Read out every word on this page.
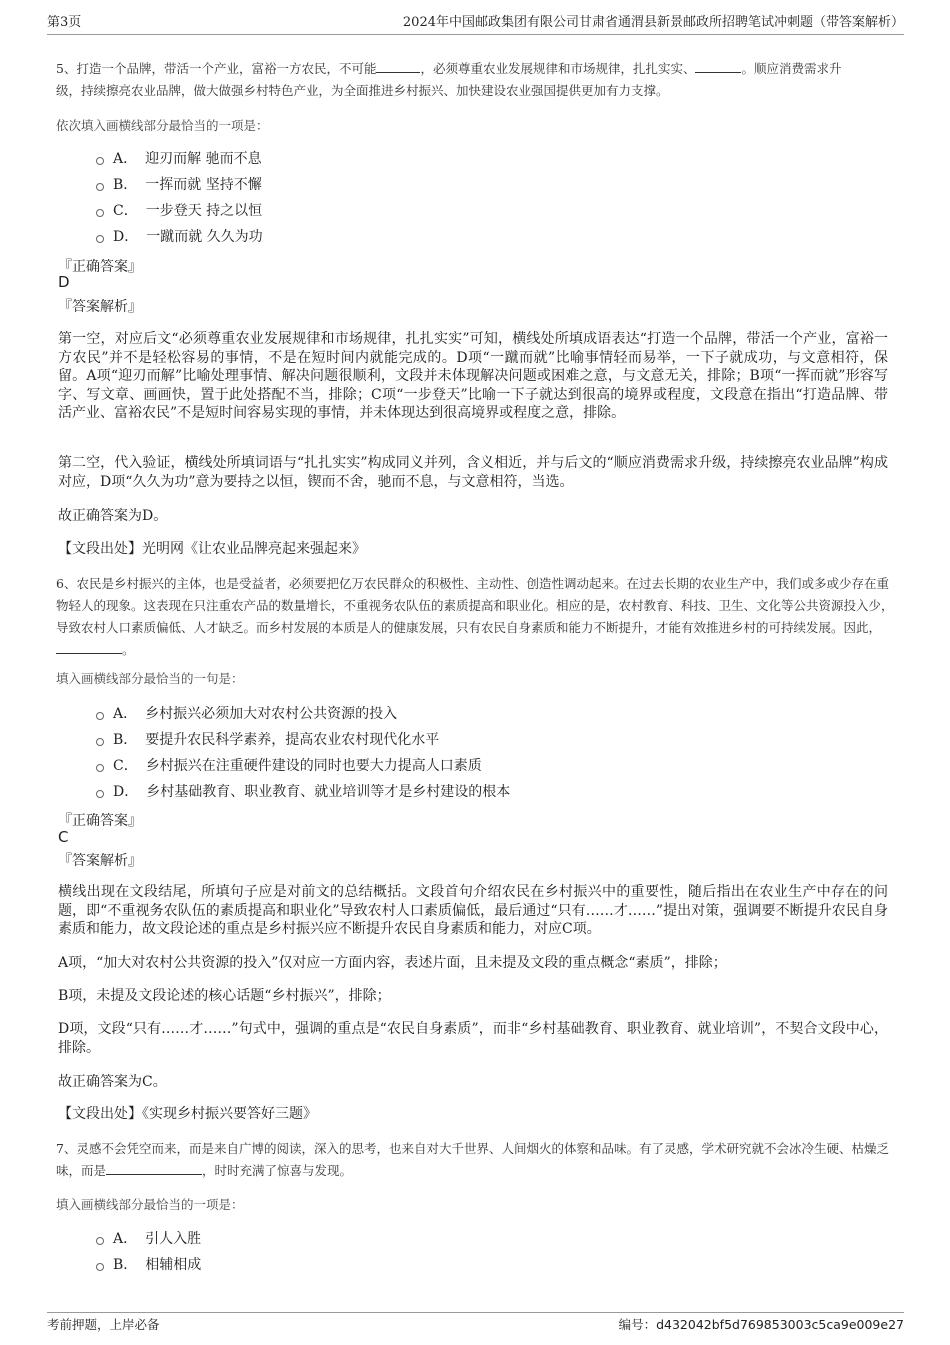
第3页	2024年中国邮政集团有限公司甘肃省通渭县新景邮政所招聘笔试冲刺题（带答案解析）
5、打造一个品牌，带活一个产业，富裕一方农民，不可能	，必须尊重农业发展规律和市场规律，扎扎实实、	。顺应消费需求升
级，持续擦亮农业品牌，做大做强乡村特色产业，为全面推进乡村振兴、加快建设农业强国提供更加有力支撑。
依次填入画横线部分最恰当的一项是：
A． 迎刃而解 驰而不息
B． 一挥而就 坚持不懈
C． 一步登天 持之以恒
D． 一蹴而就 久久为功
『正确答案』
D
『答案解析』
第一空，对应后文“必须尊重农业发展规律和市场规律，扎扎实实”可知，横线处所填成语表达“打造一个品牌，带活一个产业，富裕一方农民”并不是轻松容易的事情，不是在短时间内就能完成的。D项“一蹴而就”比喻事情轻而易举，一下子就成功，与文意相符，保留。A项“迎刃而解”比喻处理事情、解决问题很顺利，文段并未体现解决问题或困难之意，与文意无关，排除；B项“一挥而就”形容写字、写文章、画画快，置于此处搭配不当，排除；C项“一步登天”比喻一下子就达到很高的境界或程度，文段意在指出“打造品牌、带活产业、富裕农民”不是短时间容易实现的事情，并未体现达到很高境界或程度之意，排除。
第二空，代入验证，横线处所填词语与“扎扎实实”构成同义并列，含义相近，并与后文的“顺应消费需求升级，持续擦亮农业品牌”构成对应，D项“久久为功”意为要持之以恒，锲而不舍，驰而不息，与文意相符，当选。
故正确答案为D。
【文段出处】光明网《让农业品牌亮起来强起来》
6、农民是乡村振兴的主体，也是受益者，必须要把亿万农民群众的积极性、主动性、创造性调动起来。在过去长期的农业生产中，我们或多或少存在重物轻人的现象。这表现在只注重农产品的数量增长，不重视务农队伍的素质提高和职业化。相应的是，农村教育、科技、卫生、文化等公共资源投入少，导致农村人口素质偏低、人才缺乏。而乡村发展的本质是人的健康发展，只有农民自身素质和能力不断提升，才能有效推进乡村的可持续发展。因此，。
填入画横线部分最恰当的一句是：
A． 乡村振兴必须加大对农村公共资源的投入
B． 要提升农民科学素养，提高农业农村现代化水平
C． 乡村振兴在注重硬件建设的同时也要大力提高人口素质
D． 乡村基础教育、职业教育、就业培训等才是乡村建设的根本
『正确答案』
C
『答案解析』
横线出现在文段结尾，所填句子应是对前文的总结概括。文段首句介绍农民在乡村振兴中的重要性，随后指出在农业生产中存在的问题，即“不重视务农队伍的素质提高和职业化”导致农村人口素质偏低，最后通过“只有……才……”提出对策，强调要不断提升农民自身素质和能力，故文段论述的重点是乡村振兴应不断提升农民自身素质和能力，对应C项。
A项，“加大对农村公共资源的投入”仅对应一方面内容，表述片面，且未提及文段的重点概念“素质”，排除；
B项，未提及文段论述的核心话题“乡村振兴”，排除；
D项，文段“只有……才……”句式中，强调的重点是“农民自身素质”，而非“乡村基础教育、职业教育、就业培训”，不契合文段中心，排除。
故正确答案为C。
【文段出处】《实现乡村振兴要答好三题》
7、灵感不会凭空而来，而是来自广博的阅读，深入的思考，也来自对大千世界、人间烟火的体察和品味。有了灵感，学术研究就不会冰冷生硬、枯燥乏味，而是	，时时充满了惊喜与发现。
填入画横线部分最恰当的一项是：
A． 引人入胜
B． 相辅相成
考前押题，上岸必备	编号：d432042bf5d769853003c5ca9e009e27
